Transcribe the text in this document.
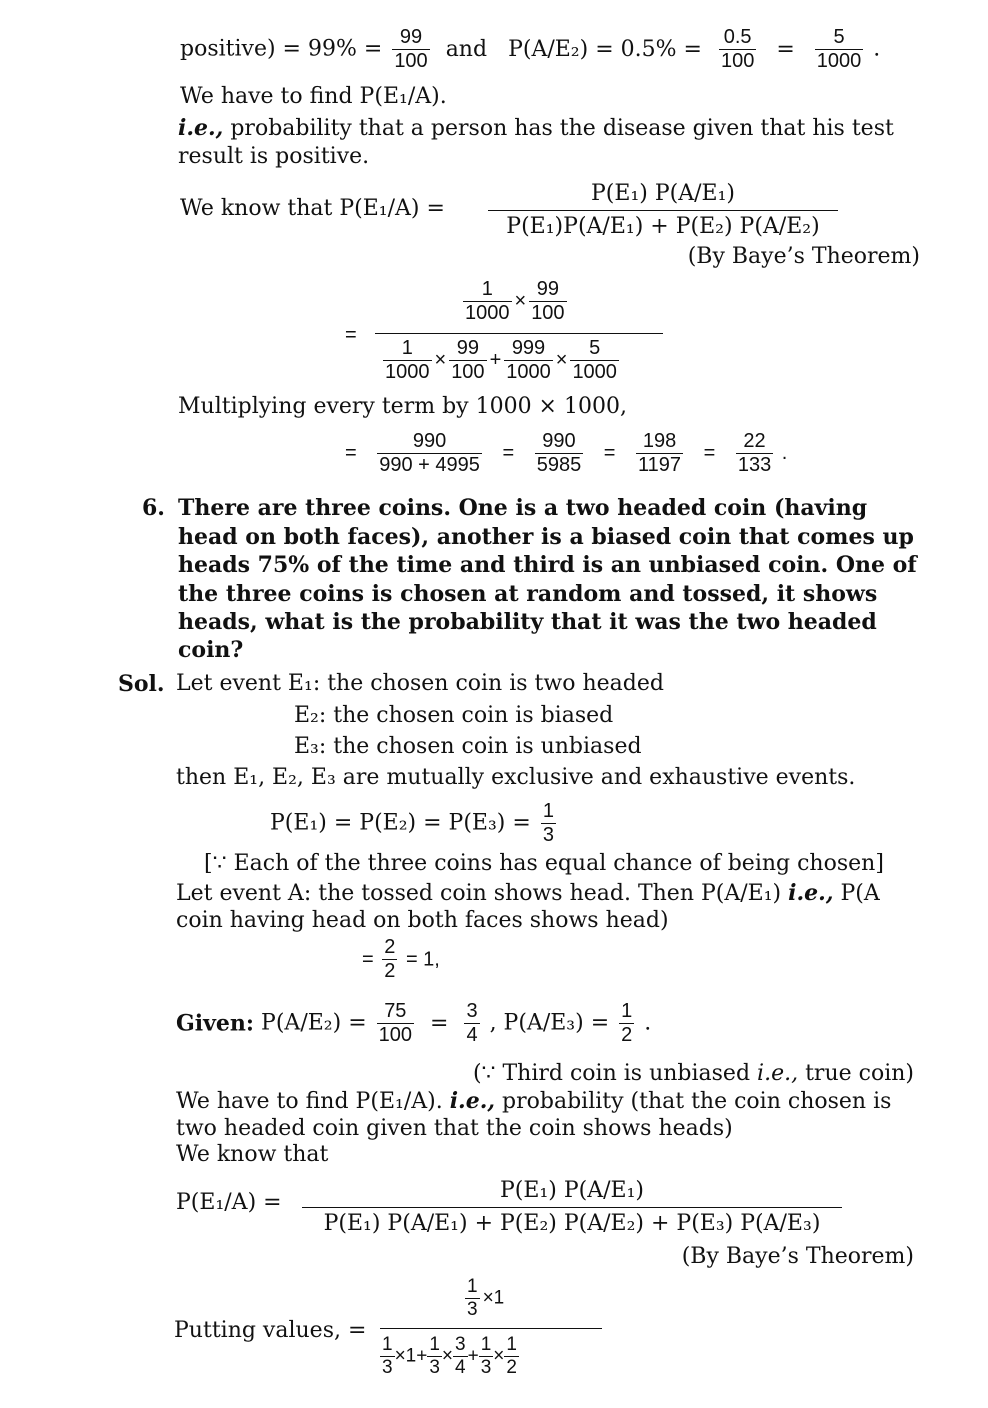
positive) = $99\% = \frac{99}{100}$ and $P(A/E_2) = 0.5\% = \frac{0.5}{100} = \frac{5}{1000}$ .
We have to find P(E₁/A).
i.e., probability that a person has the disease given that his test
result is positive.
We know that P(E₁/A) =
P(E₁) P(A/E₁)
P(E₁)P(A/E₁) + P(E₂) P(A/E₂)
(By Baye’s Theorem)
=
$\frac{1}{1000} \times \frac{99}{100}$
$\frac{1}{1000} \times \frac{99}{100} + \frac{999}{1000} \times \frac{5}{1000}$
Multiplying every term by 1000 × 1000,
= $\frac{990}{990 + 4995} = \frac{990}{5985} = \frac{198}{1197} = \frac{22}{133}$ .
6. There are three coins. One is a two headed coin (having
head on both faces), another is a biased coin that comes up
heads 75% of the time and third is an unbiased coin. One of
the three coins is chosen at random and tossed, it shows
heads, what is the probability that it was the two headed
coin?
Sol. Let event E₁: the chosen coin is two headed
E₂: the chosen coin is biased
E₃: the chosen coin is unbiased
then E₁, E₂, E₃ are mutually exclusive and exhaustive events.
$P(E_1) = P(E_2) = P(E_3) = \frac{1}{3}$
[∵ Each of the three coins has equal chance of being chosen]
Let event A: the tossed coin shows head. Then P(A/E₁) i.e., P(A
coin having head on both faces shows head)
= $\frac{2}{2} = 1$,
Given: $P(A/E_2) = \frac{75}{100} = \frac{3}{4}$ , $P(A/E_3) = \frac{1}{2}$ .
(∵ Third coin is unbiased i.e., true coin)
We have to find P(E₁/A). i.e., probability (that the coin chosen is
two headed coin given that the coin shows heads)
We know that
P(E₁/A) =	P(E₁) P(A/E₁)
P(E₁) P(A/E₁) + P(E₂) P(A/E₂) + P(E₃) P(A/E₃)
(By Baye’s Theorem)
Putting values, =
$\frac{1}{3} \times 1$
$\frac{1}{3} \times 1+ \frac{1}{3} \times \frac{3}{4} + \frac{1}{3} \times \frac{1}{2}$
